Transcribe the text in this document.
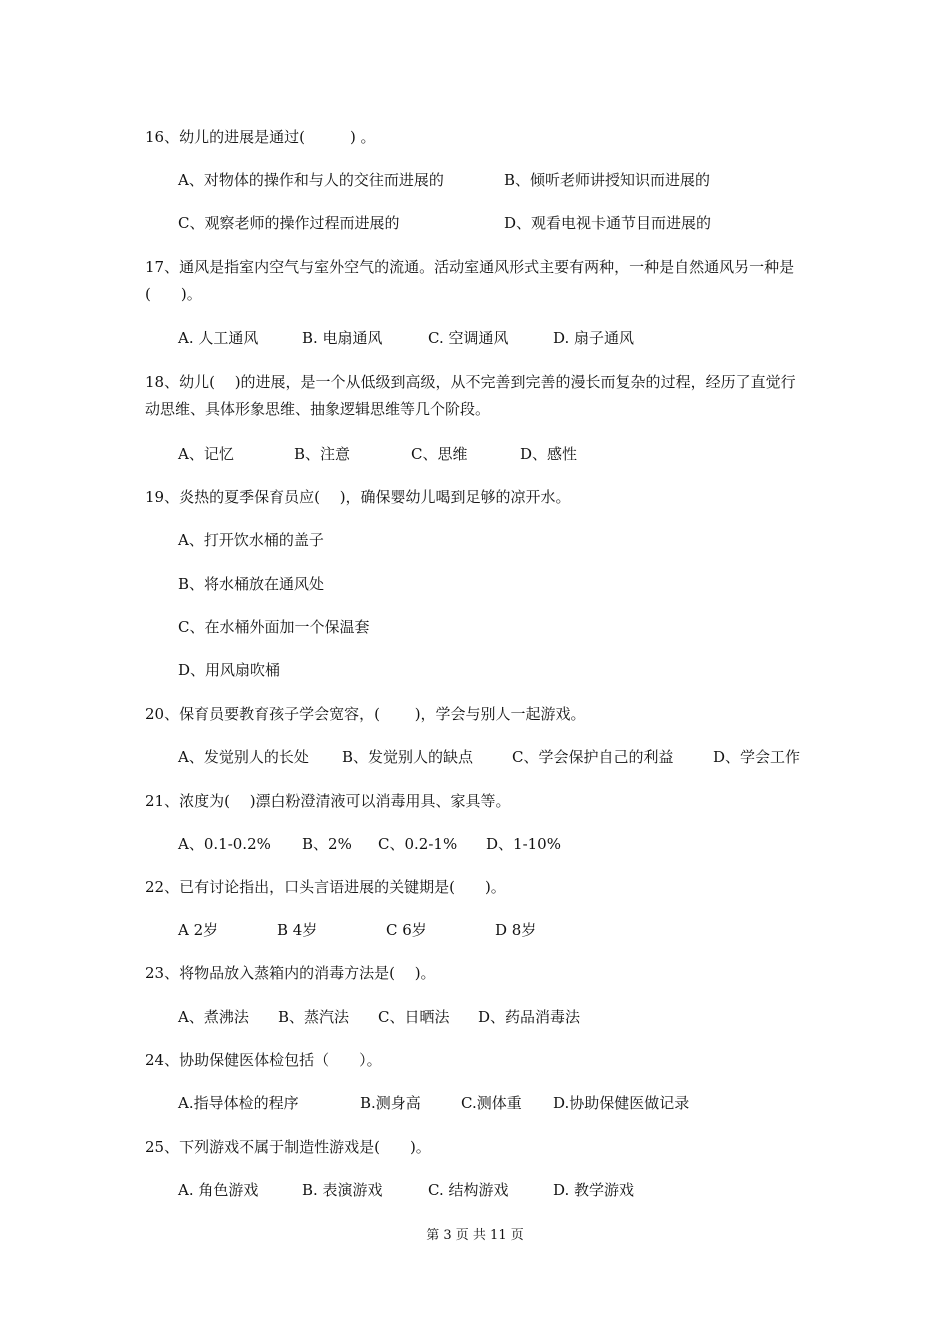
16、幼儿的进展是通过(　　　) 。

A、对物体的操作和与人的交往而进展的

	B、倾听老师讲授知识而进展的

C、观察老师的操作过程而进展的

	D、观看电视卡通节目而进展的

17、通风是指室内空气与室外空气的流通。活动室通风形式主要有两种，一种是自然通风另一种是(　　)。

A. 人工通风

	B. 电扇通风

	C. 空调通风

	D. 扇子通风

18、幼儿(　 )的进展，是一个从低级到高级，从不完善到完善的漫长而复杂的过程，经历了直觉行动思维、具体形象思维、抽象逻辑思维等几个阶段。

A、记忆

	B、注意

	C、思维

	D、感性

19、炎热的夏季保育员应(　 )，确保婴幼儿喝到足够的凉开水。

A、打开饮水桶的盖子

B、将水桶放在通风处

C、在水桶外面加一个保温套

D、用风扇吹桶

20、保育员要教育孩子学会宽容，(　　 )，学会与别人一起游戏。

A、发觉别人的长处

B、发觉别人的缺点

	C、学会保护自己的利益

	D、学会工作

21、浓度为(　 )漂白粉澄清液可以消毒用具、家具等。

A、0.1-0.2%

B、2%

C、0.2-1%

D、1-10%

22、已有讨论指出，口头言语进展的关键期是(　　)。

A 2岁

	B 4岁

	C 6岁

	D 8岁

23、将物品放入蒸箱内的消毒方法是(　 )。

A、煮沸法

B、蒸汽法

C、日晒法

D、药品消毒法

24、协助保健医体检包括（　　）。

A.指导体检的程序

	B.测身高

	C.测体重

D.协助保健医做记录

25、下列游戏不属于制造性游戏是(　　)。

A. 角色游戏

	B. 表演游戏

	C. 结构游戏

	D. 教学游戏

第 3 页 共 11 页
